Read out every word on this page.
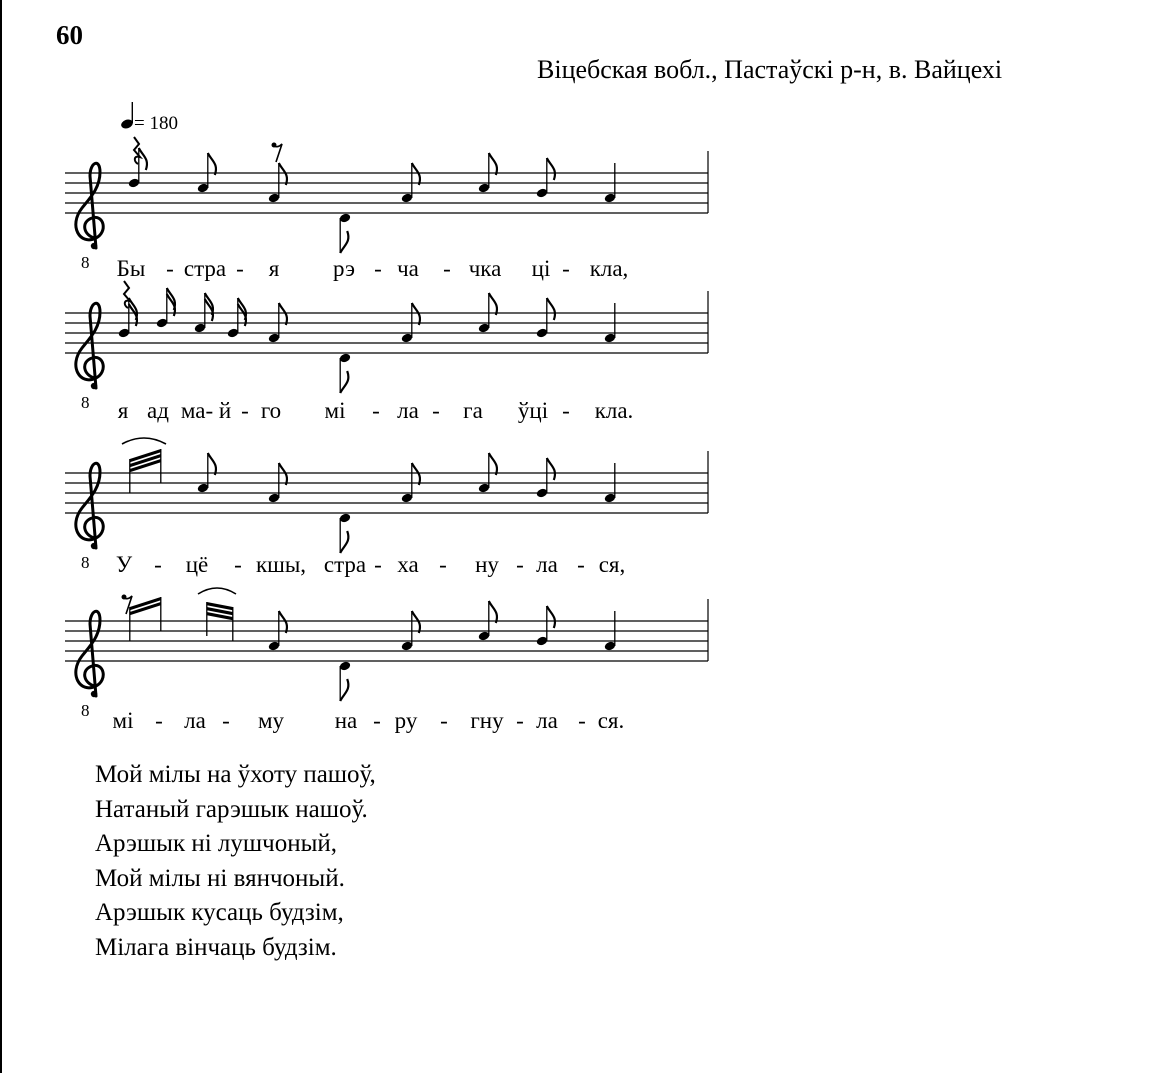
60
Віцебская вобл., Пастаўскі р-н, в. Вайцехі
= 180
8 Бы - стра - я рэ - ча - чка ці - кла,
8 я ад ма- й - го мі - ла - га ўці - кла.
8 У - цё - кшы, стра - ха - ну - ла - ся,
8 мі - ла - му на - ру - гну - ла - ся.
Мой мілы на ўхоту пашоў,
Натаный гарэшык нашоў.
Арэшык ні лушчоный,
Мой мілы ні вянчоный.
Арэшык кусаць будзім,
Мілага вінчаць будзім.
